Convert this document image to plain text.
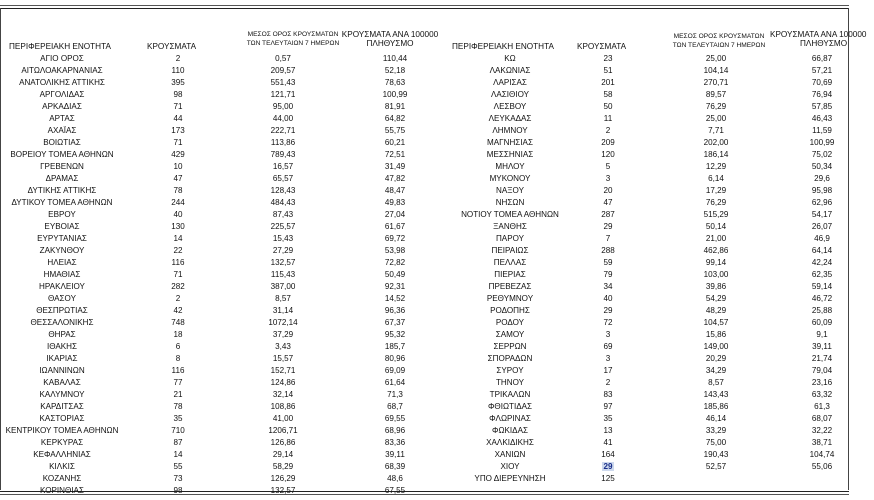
ΠΕΡΙΦΕΡΕΙΑΚΗ ΕΝΟΤΗΤΑ	ΚΡΟΥΣΜΑΤΑ
ΜΕΣΟΣ ΟΡΟΣ ΚΡΟΥΣΜΑΤΩΝ
ΤΩΝ ΤΕΛΕΥΤΑΙΩΝ 7 ΗΜΕΡΩΝ
ΚΡΟΥΣΜΑΤΑ ΑΝΑ 100000
ΠΛΗΘΥΣΜΟ
ΑΓΙΟ ΟΡΟΣ	2	0,57	110,44
ΑΙΤΩΛΟΑΚΑΡΝΑΝΙΑΣ	110	209,57	52,18
ΑΝΑΤΟΛΙΚΗΣ ΑΤΤΙΚΗΣ	395	551,43	78,63
ΑΡΓΟΛΙΔΑΣ	98	121,71	100,99
ΑΡΚΑΔΙΑΣ	71	95,00	81,91
ΑΡΤΑΣ	44	44,00	64,82
ΑΧΑΪΑΣ	173	222,71	55,75
ΒΟΙΩΤΙΑΣ	71	113,86	60,21
ΒΟΡΕΙΟΥ ΤΟΜΕΑ ΑΘΗΝΩΝ	429	789,43	72,51
ΓΡΕΒΕΝΩΝ	10	16,57	31,49
ΔΡΑΜΑΣ	47	65,57	47,82
ΔΥΤΙΚΗΣ ΑΤΤΙΚΗΣ	78	128,43	48,47
ΔΥΤΙΚΟΥ ΤΟΜΕΑ ΑΘΗΝΩΝ	244	484,43	49,83
ΕΒΡΟΥ	40	87,43	27,04
ΕΥΒΟΙΑΣ	130	225,57	61,67
ΕΥΡΥΤΑΝΙΑΣ	14	15,43	69,72
ΖΑΚΥΝΘΟΥ	22	27,29	53,98
ΗΛΕΙΑΣ	116	132,57	72,82
ΗΜΑΘΙΑΣ	71	115,43	50,49
ΗΡΑΚΛΕΙΟΥ	282	387,00	92,31
ΘΑΣΟΥ	2	8,57	14,52
ΘΕΣΠΡΩΤΙΑΣ	42	31,14	96,36
ΘΕΣΣΑΛΟΝΙΚΗΣ	748	1072,14	67,37
ΘΗΡΑΣ	18	37,29	95,32
ΙΘΑΚΗΣ	6	3,43	185,7
ΙΚΑΡΙΑΣ	8	15,57	80,96
ΙΩΑΝΝΙΝΩΝ	116	152,71	69,09
ΚΑΒΑΛΑΣ	77	124,86	61,64
ΚΑΛΥΜΝΟΥ	21	32,14	71,3
ΚΑΡΔΙΤΣΑΣ	78	108,86	68,7
ΚΑΣΤΟΡΙΑΣ	35	41,00	69,55
ΚΕΝΤΡΙΚΟΥ ΤΟΜΕΑ ΑΘΗΝΩΝ	710	1206,71	68,96
ΚΕΡΚΥΡΑΣ	87	126,86	83,36
ΚΕΦΑΛΛΗΝΙΑΣ	14	29,14	39,11
ΚΙΛΚΙΣ	55	58,29	68,39
ΚΟΖΑΝΗΣ	73	126,29	48,6
ΚΟΡΙΝΘΙΑΣ	98	132,57	67,55
ΠΕΡΙΦΕΡΕΙΑΚΗ ΕΝΟΤΗΤΑ	ΚΡΟΥΣΜΑΤΑ
ΜΕΣΟΣ ΟΡΟΣ ΚΡΟΥΣΜΑΤΩΝ
ΤΩΝ ΤΕΛΕΥΤΑΙΩΝ 7 ΗΜΕΡΩΝ
ΚΡΟΥΣΜΑΤΑ ΑΝΑ 100000
ΠΛΗΘΥΣΜΟ
ΚΩ	23	25,00	66,87
ΛΑΚΩΝΙΑΣ	51	104,14	57,21
ΛΑΡΙΣΑΣ	201	270,71	70,69
ΛΑΣΙΘΙΟΥ	58	89,57	76,94
ΛΕΣΒΟΥ	50	76,29	57,85
ΛΕΥΚΑΔΑΣ	11	25,00	46,43
ΛΗΜΝΟΥ	2	7,71	11,59
ΜΑΓΝΗΣΙΑΣ	209	202,00	100,99
ΜΕΣΣΗΝΙΑΣ	120	186,14	75,02
ΜΗΛΟΥ	5	12,29	50,34
ΜΥΚΟΝΟΥ	3	6,14	29,6
ΝΑΞΟΥ	20	17,29	95,98
ΝΗΣΩΝ	47	76,29	62,96
ΝΟΤΙΟΥ ΤΟΜΕΑ ΑΘΗΝΩΝ	287	515,29	54,17
ΞΑΝΘΗΣ	29	50,14	26,07
ΠΑΡΟΥ	7	21,00	46,9
ΠΕΙΡΑΙΩΣ	288	462,86	64,14
ΠΕΛΛΑΣ	59	99,14	42,24
ΠΙΕΡΙΑΣ	79	103,00	62,35
ΠΡΕΒΕΖΑΣ	34	39,86	59,14
ΡΕΘΥΜΝΟΥ	40	54,29	46,72
ΡΟΔΟΠΗΣ	29	48,29	25,88
ΡΟΔΟΥ	72	104,57	60,09
ΣΑΜΟΥ	3	15,86	9,1
ΣΕΡΡΩΝ	69	149,00	39,11
ΣΠΟΡΑΔΩΝ	3	20,29	21,74
ΣΥΡΟΥ	17	34,29	79,04
ΤΗΝΟΥ	2	8,57	23,16
ΤΡΙΚΑΛΩΝ	83	143,43	63,32
ΦΘΙΩΤΙΔΑΣ	97	185,86	61,3
ΦΛΩΡΙΝΑΣ	35	46,14	68,07
ΦΩΚΙΔΑΣ	13	33,29	32,22
ΧΑΛΚΙΔΙΚΗΣ	41	75,00	38,71
ΧΑΝΙΩΝ	164	190,43	104,74
ΧΙΟΥ	29	52,57	55,06
ΥΠΟ ΔΙΕΡΕΥΝΗΣΗ	125
